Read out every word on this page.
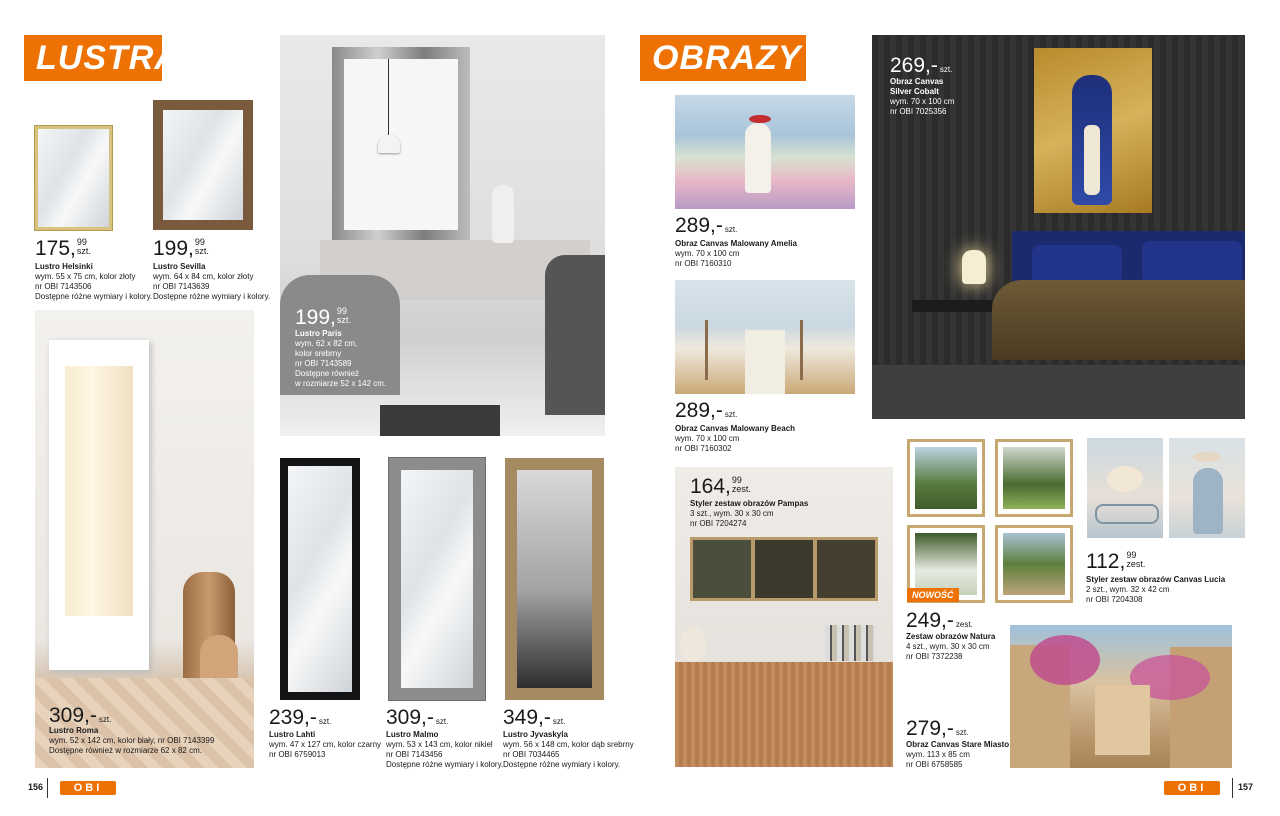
LUSTRA
175,99
szt.
Lustro Helsinki
wym. 55 x 75 cm, kolor złoty
nr OBI 7143506
Dostępne różne wymiary i kolory.
199,99
szt.
Lustro Sevilla
wym. 64 x 84 cm, kolor złoty
nr OBI 7143639
Dostępne różne wymiary i kolory.
199,99
szt.
Lustro Paris
wym. 62 x 82 cm,
kolor srebrny
nr OBI 7143589
Dostępne również
w rozmiarze 52 x 142 cm.
309,- szt.
Lustro Roma
wym. 52 x 142 cm, kolor biały, nr OBI 7143399
Dostępne również w rozmiarze 62 x 82 cm.
239,- szt.
Lustro Lahti
wym. 47 x 127 cm, kolor czarny
nr OBI 6759013
309,- szt.
Lustro Malmo
wym. 53 x 143 cm, kolor nikiel
nr OBI 7143456
Dostępne różne wymiary i kolory.
349,- szt.
Lustro Jyvaskyla
wym. 56 x 148 cm, kolor dąb srebrny
nr OBI 7034465
Dostępne różne wymiary i kolory.
156	OBI
OBRAZY
289,- szt.
Obraz Canvas Malowany Amelia
wym. 70 x 100 cm
nr OBI 7160310
289,- szt.
Obraz Canvas Malowany Beach
wym. 70 x 100 cm
nr OBI 7160302
269,- szt.
Obraz Canvas
Silver Cobalt
wym. 70 x 100 cm
nr OBI 7025356
164,99
zest.
Styler zestaw obrazów Pampas
3 szt., wym. 30 x 30 cm
nr OBI 7204274
NOWOŚĆ
249,- zest.
Zestaw obrazów Natura
4 szt., wym. 30 x 30 cm
nr OBI 7372238
112,99
zest.
Styler zestaw obrazów Canvas Lucia
2 szt., wym. 32 x 42 cm
nr OBI 7204308
279,- szt.
Obraz Canvas Stare Miasto
wym. 113 x 85 cm
nr OBI 6758585
OBI	157
